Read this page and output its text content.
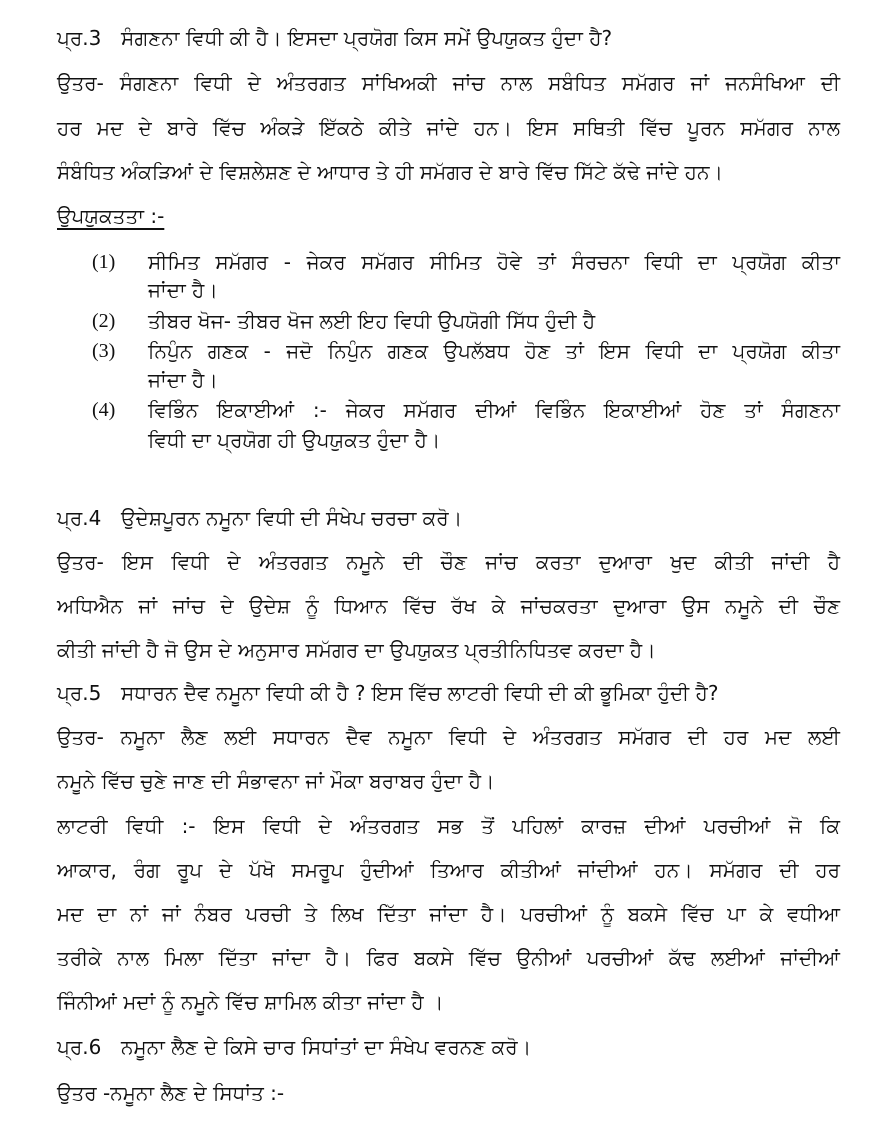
ਪ੍ਰ.3 ਸੰਗਣਨਾ ਵਿਧੀ ਕੀ ਹੈ। ਇਸਦਾ ਪ੍ਰਯੋਗ ਕਿਸ ਸਮੇਂ ਉਪਯੁਕਤ ਹੁੰਦਾ ਹੈ?
ਉਤਰ- ਸੰਗਣਨਾ ਵਿਧੀ ਦੇ ਅੰਤਰਗਤ ਸਾਂਖਿਅਕੀ ਜਾਂਚ ਨਾਲ ਸਬੰਧਿਤ ਸਮੱਗਰ ਜਾਂ ਜਨਸੰਖਿਆ ਦੀ
ਹਰ ਮਦ ਦੇ ਬਾਰੇ ਵਿੱਚ ਅੰਕੜੇ ਇੱਕਠੇ ਕੀਤੇ ਜਾਂਦੇ ਹਨ। ਇਸ ਸਥਿਤੀ ਵਿੱਚ ਪੂਰਨ ਸਮੱਗਰ ਨਾਲ
ਸੰਬੰਧਿਤ ਅੰਕੜਿਆਂ ਦੇ ਵਿਸ਼ਲੇਸ਼ਣ ਦੇ ਆਧਾਰ ਤੇ ਹੀ ਸਮੱਗਰ ਦੇ ਬਾਰੇ ਵਿੱਚ ਸਿੱਟੇ ਕੱਢੇ ਜਾਂਦੇ ਹਨ।
ਉਪਯੁਕਤਤਾ :-
(1) ਸੀਮਿਤ ਸਮੱਗਰ - ਜੇਕਰ ਸਮੱਗਰ ਸੀਮਿਤ ਹੋਵੇ ਤਾਂ ਸੰਰਚਨਾ ਵਿਧੀ ਦਾ ਪ੍ਰਯੋਗ ਕੀਤਾ
ਜਾਂਦਾ ਹੈ।
(2) ਤੀਬਰ ਖੋਜ- ਤੀਬਰ ਖੋਜ ਲਈ ਇਹ ਵਿਧੀ ਉਪਯੋਗੀ ਸਿੱਧ ਹੁੰਦੀ ਹੈ
(3) ਨਿਪੁੰਨ ਗਣਕ - ਜਦੋ ਨਿਪੁੰਨ ਗਣਕ ਉਪਲੱਬਧ ਹੋਣ ਤਾਂ ਇਸ ਵਿਧੀ ਦਾ ਪ੍ਰਯੋਗ ਕੀਤਾ
ਜਾਂਦਾ ਹੈ।
(4) ਵਿਭਿੰਨ ਇਕਾਈਆਂ :- ਜੇਕਰ ਸਮੱਗਰ ਦੀਆਂ ਵਿਭਿੰਨ ਇਕਾਈਆਂ ਹੋਣ ਤਾਂ ਸੰਗਣਨਾ
ਵਿਧੀ ਦਾ ਪ੍ਰਯੋਗ ਹੀ ਉਪਯੁਕਤ ਹੁੰਦਾ ਹੈ।
ਪ੍ਰ.4 ਉਦੇਸ਼ਪੂਰਨ ਨਮੂਨਾ ਵਿਧੀ ਦੀ ਸੰਖੇਪ ਚਰਚਾ ਕਰੋ।
ਉਤਰ- ਇਸ ਵਿਧੀ ਦੇ ਅੰਤਰਗਤ ਨਮੂਨੇ ਦੀ ਚੌਣ ਜਾਂਚ ਕਰਤਾ ਦੁਆਰਾ ਖੁਦ ਕੀਤੀ ਜਾਂਦੀ ਹੈ
ਅਧਿਐਨ ਜਾਂ ਜਾਂਚ ਦੇ ਉਦੇਸ਼ ਨੂੰ ਧਿਆਨ ਵਿੱਚ ਰੱਖ ਕੇ ਜਾਂਚਕਰਤਾ ਦੁਆਰਾ ਉਸ ਨਮੂਨੇ ਦੀ ਚੌਣ
ਕੀਤੀ ਜਾਂਦੀ ਹੈ ਜੋ ਉਸ ਦੇ ਅਨੁਸਾਰ ਸਮੱਗਰ ਦਾ ਉਪਯੁਕਤ ਪ੍ਰਤੀਨਿਧਿਤਵ ਕਰਦਾ ਹੈ।
ਪ੍ਰ.5 ਸਧਾਰਨ ਦੈਵ ਨਮੂਨਾ ਵਿਧੀ ਕੀ ਹੈ ? ਇਸ ਵਿੱਚ ਲਾਟਰੀ ਵਿਧੀ ਦੀ ਕੀ ਭੂਮਿਕਾ ਹੁੰਦੀ ਹੈ?
ਉਤਰ- ਨਮੂਨਾ ਲੈਣ ਲਈ ਸਧਾਰਨ ਦੈਵ ਨਮੂਨਾ ਵਿਧੀ ਦੇ ਅੰਤਰਗਤ ਸਮੱਗਰ ਦੀ ਹਰ ਮਦ ਲਈ
ਨਮੂਨੇ ਵਿੱਚ ਚੁਣੇ ਜਾਣ ਦੀ ਸੰਭਾਵਨਾ ਜਾਂ ਮੌਕਾ ਬਰਾਬਰ ਹੁੰਦਾ ਹੈ।
ਲਾਟਰੀ ਵਿਧੀ :- ਇਸ ਵਿਧੀ ਦੇ ਅੰਤਰਗਤ ਸਭ ਤੋਂ ਪਹਿਲਾਂ ਕਾਰਜ਼ ਦੀਆਂ ਪਰਚੀਆਂ ਜੋ ਕਿ
ਆਕਾਰ, ਰੰਗ ਰੂਪ ਦੇ ਪੱਖੋ ਸਮਰੂਪ ਹੁੰਦੀਆਂ ਤਿਆਰ ਕੀਤੀਆਂ ਜਾਂਦੀਆਂ ਹਨ। ਸਮੱਗਰ ਦੀ ਹਰ
ਮਦ ਦਾ ਨਾਂ ਜਾਂ ਨੰਬਰ ਪਰਚੀ ਤੇ ਲਿਖ ਦਿੱਤਾ ਜਾਂਦਾ ਹੈ। ਪਰਚੀਆਂ ਨੂੰ ਬਕਸੇ ਵਿੱਚ ਪਾ ਕੇ ਵਧੀਆ
ਤਰੀਕੇ ਨਾਲ ਮਿਲਾ ਦਿੱਤਾ ਜਾਂਦਾ ਹੈ। ਫਿਰ ਬਕਸੇ ਵਿੱਚ ਉਨੀਆਂ ਪਰਚੀਆਂ ਕੱਢ ਲਈਆਂ ਜਾਂਦੀਆਂ
ਜਿੰਨੀਆਂ ਮਦਾਂ ਨੂੰ ਨਮੂਨੇ ਵਿੱਚ ਸ਼ਾਮਿਲ ਕੀਤਾ ਜਾਂਦਾ ਹੈ ।
ਪ੍ਰ.6 ਨਮੂਨਾ ਲੈਣ ਦੇ ਕਿਸੇ ਚਾਰ ਸਿਧਾਂਤਾਂ ਦਾ ਸੰਖੇਪ ਵਰਨਣ ਕਰੋ।
ਉਤਰ -ਨਮੂਨਾ ਲੈਣ ਦੇ ਸਿਧਾਂਤ :-
